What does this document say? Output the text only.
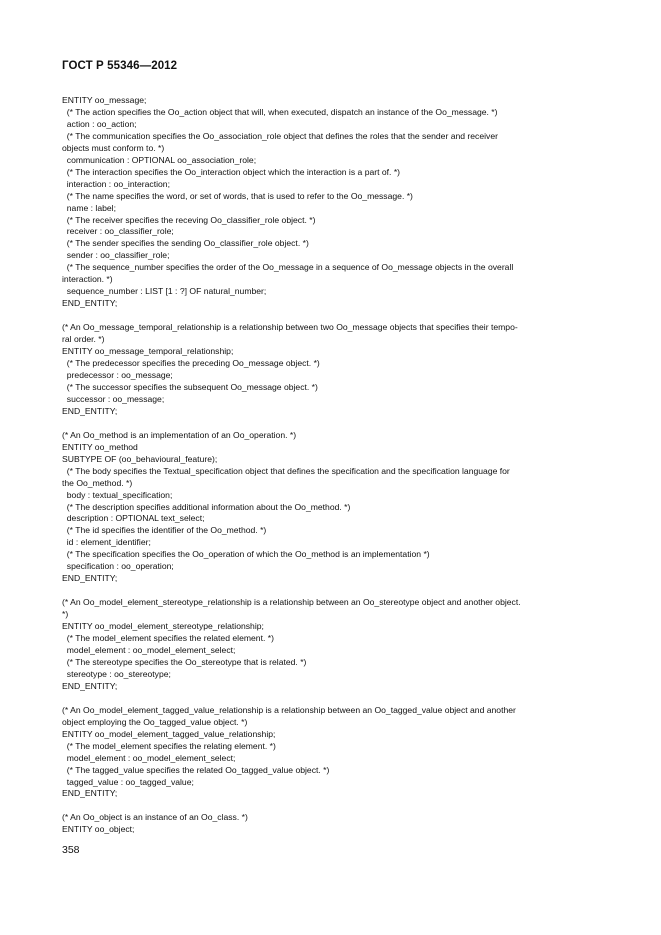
ГОСТ Р 55346—2012
ENTITY oo_message;
(* The action specifies the Oo_action object that will, when executed, dispatch an instance of the Oo_message. *)
action : oo_action;
(* The communication specifies the Oo_association_role object that defines the roles that the sender and receiver
objects must conform to. *)
communication : OPTIONAL oo_association_role;
(* The interaction specifies the Oo_interaction object which the interaction is a part of. *)
interaction : oo_interaction;
(* The name specifies the word, or set of words, that is used to refer to the Oo_message. *)
name : label;
(* The receiver specifies the receving Oo_classifier_role object. *)
receiver : oo_classifier_role;
(* The sender specifies the sending Oo_classifier_role object. *)
sender : oo_classifier_role;
(* The sequence_number specifies the order of the Oo_message in a sequence of Oo_message objects in the overall
interaction. *)
sequence_number : LIST [1 : ?] OF natural_number;
END_ENTITY;
(* An Oo_message_temporal_relationship is a relationship between two Oo_message objects that specifies their tempo-
ral order. *)
ENTITY oo_message_temporal_relationship;
(* The predecessor specifies the preceding Oo_message object. *)
predecessor : oo_message;
(* The successor specifies the subsequent Oo_message object. *)
successor : oo_message;
END_ENTITY;
(* An Oo_method is an implementation of an Oo_operation. *)
ENTITY oo_method
SUBTYPE OF (oo_behavioural_feature);
(* The body specifies the Textual_specification object that defines the specification and the specification language for
the Oo_method. *)
body : textual_specification;
(* The description specifies additional information about the Oo_method. *)
description : OPTIONAL text_select;
(* The id specifies the identifier of the Oo_method. *)
id : element_identifier;
(* The specification specifies the Oo_operation of which the Oo_method is an implementation *)
specification : oo_operation;
END_ENTITY;
(* An Oo_model_element_stereotype_relationship is a relationship between an Oo_stereotype object and another object.
*)
ENTITY oo_model_element_stereotype_relationship;
(* The model_element specifies the related element. *)
model_element : oo_model_element_select;
(* The stereotype specifies the Oo_stereotype that is related. *)
stereotype : oo_stereotype;
END_ENTITY;
(* An Oo_model_element_tagged_value_relationship is a relationship between an Oo_tagged_value object and another
object employing the Oo_tagged_value object. *)
ENTITY oo_model_element_tagged_value_relationship;
(* The model_element specifies the relating element. *)
model_element : oo_model_element_select;
(* The tagged_value specifies the related Oo_tagged_value object. *)
tagged_value : oo_tagged_value;
END_ENTITY;
(* An Oo_object is an instance of an Oo_class. *)
ENTITY oo_object;
358
